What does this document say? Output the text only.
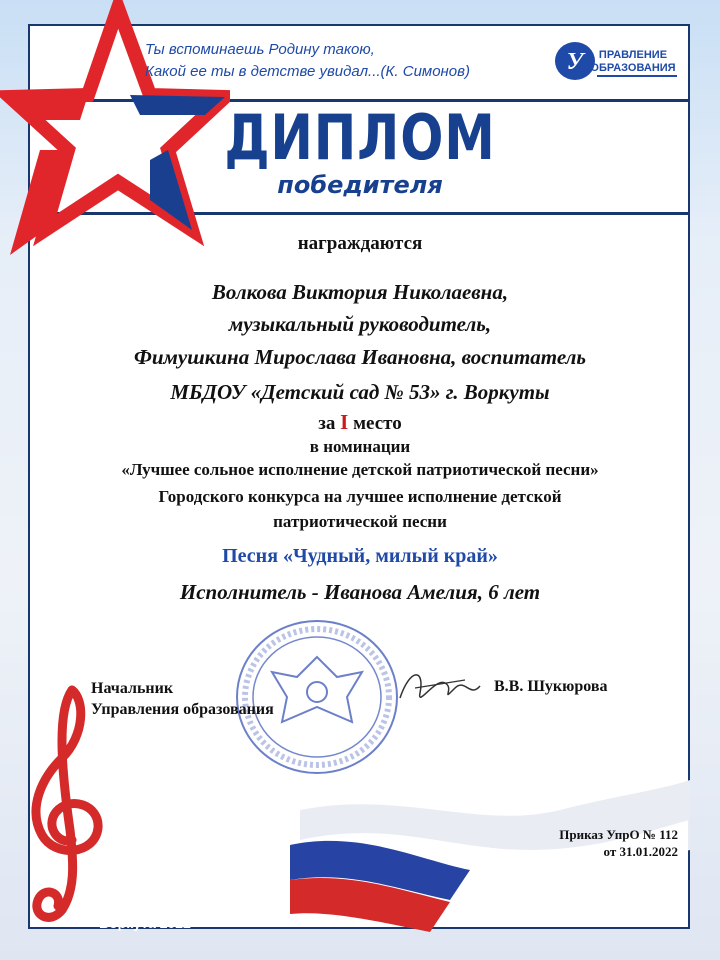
Ты вспоминаешь Родину такою,
Какой ее ты в детстве увидал...(К. Симонов)	У ПРАВЛЕНИЕ
ОБРАЗОВАНИЯ
ДИПЛОМ
победителя
награждаются
Волкова Виктория Николаевна,
музыкальный руководитель,
Фимушкина Мирослава Ивановна, воспитатель
МБДОУ «Детский сад № 53» г. Воркуты
за I место
в номинации
«Лучшее сольное исполнение детской патриотической песни»
Городского конкурса на лучшее исполнение детской
патриотической песни
Песня «Чудный, милый край»
Исполнитель - Иванова Амелия, 6 лет
Начальник
Управления образования
В.В. Шукюрова
Приказ УпрО № 112
от 31.01.2022
Воркута 2022
